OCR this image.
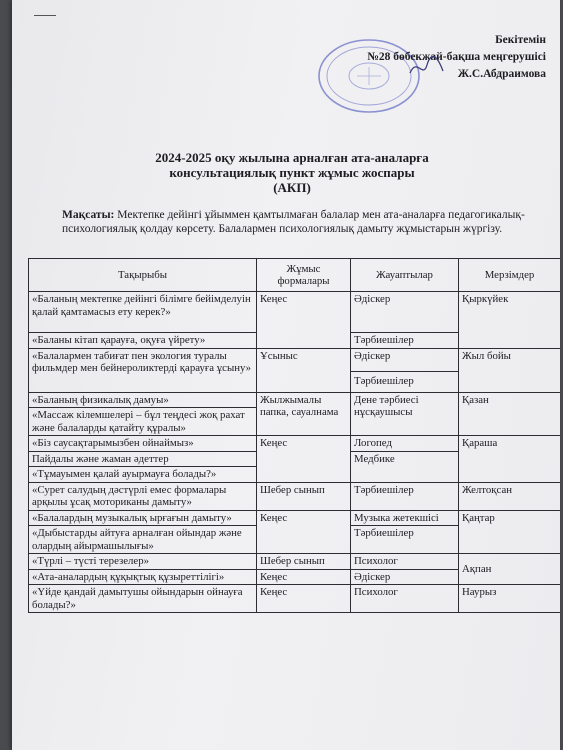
Бекітемін
№28 бөбекжай-бақша меңгерушісі
Ж.С.Абдраимова
2024-2025 оқу жылына арналған ата-аналарға
консультациялық пункт жұмыс жоспары
(АКП)
Мақсаты: Мектепке дейінгі ұйыммен қамтылмаған балалар мен ата-аналарға педагогикалық-психологиялық қолдау көрсету. Балалармен психологиялық дамыту жұмыстарын жүргізу.
Тақырыбы	Жұмыс формалары	Жауаптылар	Мерзімдер
«Баланың мектепке дейінгі білімге бейімделуін қалай қамтамасыз ету керек?»	Кеңес	Әдіскер	Қыркүйек
«Баланы кітап қарауға, оқуға үйрету»		Тәрбиешілер	
«Балалармен табиғат пен экология туралы фильмдер мен бейнероликтерді қарауға ұсыну»	Ұсыныс	Әдіскер	Жыл бойы
		Тәрбиешілер	
«Баланың физикалық дамуы»	Жылжымалы папка, сауалнама	Дене тәрбиесі нұсқаушысы	Қазан
«Массаж кілемшелері – бұл теңдесі жоқ рахат және балаларды қатайту құралы»			
«Біз саусақтарымызбен ойнаймыз»	Кеңес	Логопед	Қараша
Пайдалы және жаман әдеттер		Медбике	
«Тұмауымен қалай ауырмауға болады?»			
«Сурет салудың дәстүрлі емес формалары арқылы ұсақ моториканы дамыту»	Шебер сынып	Тәрбиешілер	Желтоқсан
«Балалардың музыкалық ырғағын дамыту»	Кеңес	Музыка жетекшісі	Қаңтар
«Дыбыстарды айтуға арналған ойындар және олардың айырмашылығы»		Тәрбиешілер	
«Түрлі – түсті терезелер»	Шебер сынып	Психолог	Ақпан
«Ата-аналардың құқықтық құзыреттілігі»	Кеңес	Әдіскер	
«Үйде қандай дамытушы ойындарын ойнауға болады?»	Кеңес	Психолог	Наурыз
